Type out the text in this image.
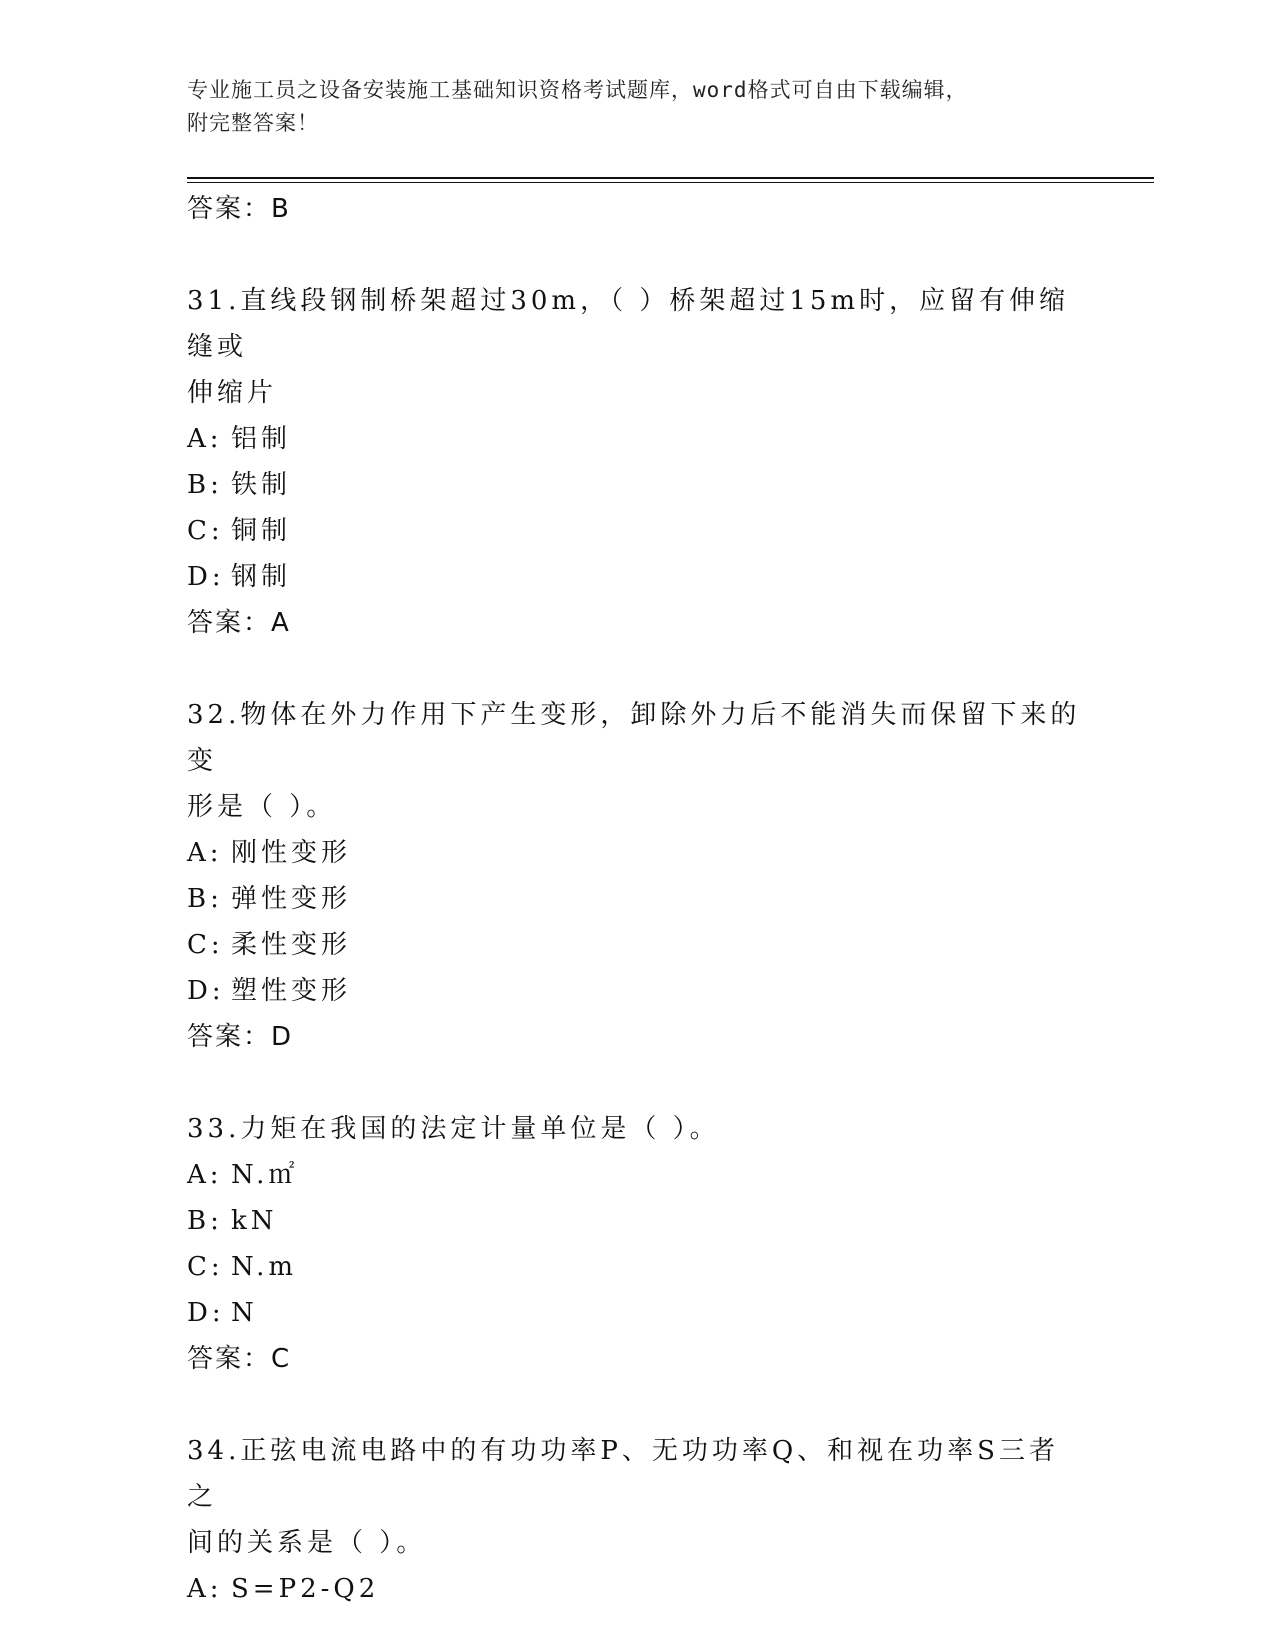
专业施工员之设备安装施工基础知识资格考试题库，word格式可自由下载编辑，
附完整答案！

答案：B

31.直线段钢制桥架超过30m，（ ）桥架超过15m时，应留有伸缩缝或

伸缩片

A: 铝制

B: 铁制

C: 铜制

D: 钢制

答案：A

32.物体在外力作用下产生变形，卸除外力后不能消失而保留下来的变

形是（ ）。

A: 刚性变形

B: 弹性变形

C: 柔性变形

D: 塑性变形

答案：D

33.力矩在我国的法定计量单位是（ ）。

A: N.㎡

B: kN

C: N.m

D: N

答案：C

34.正弦电流电路中的有功功率P、无功功率Q、和视在功率S三者之

间的关系是（ ）。

A: S=P2-Q2
